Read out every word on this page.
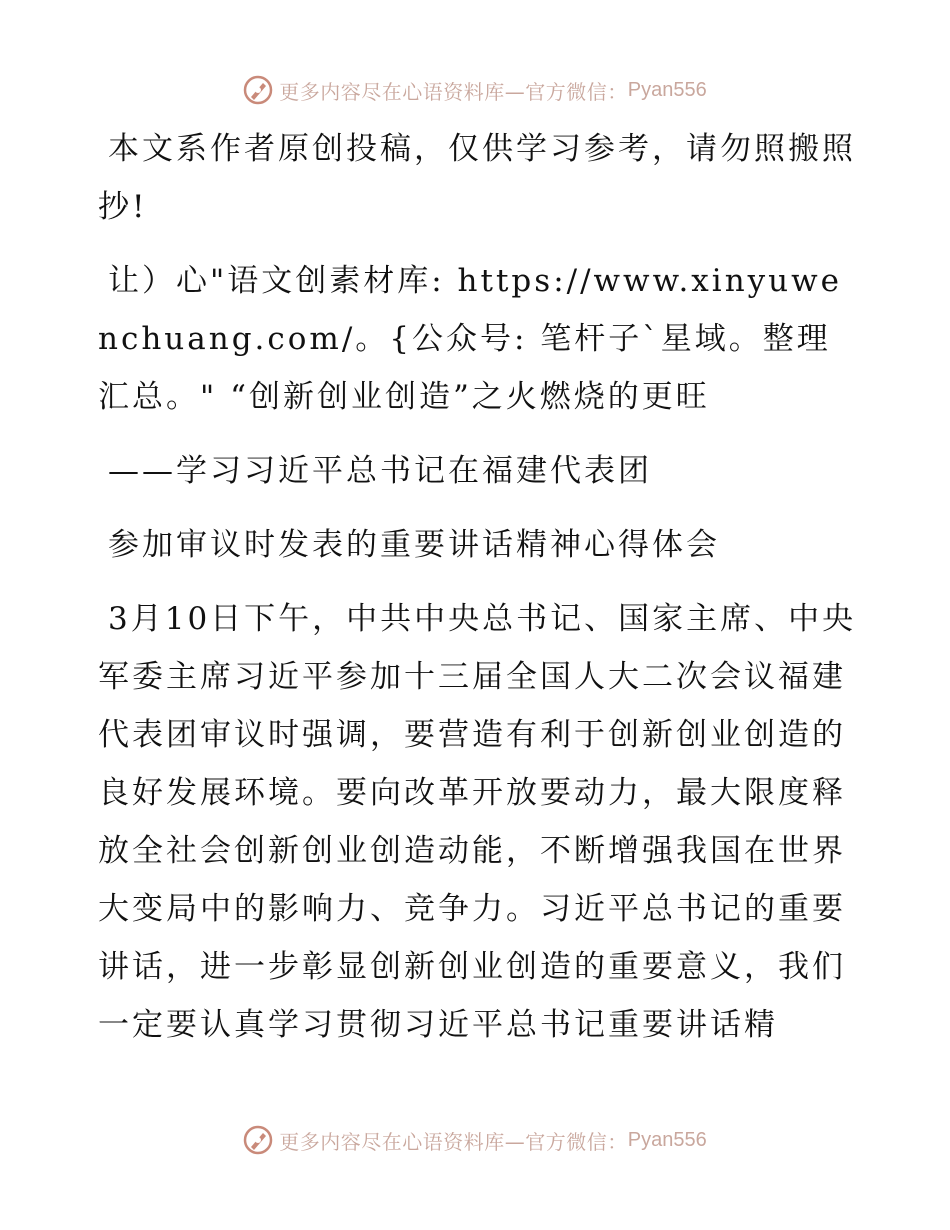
更多内容尽在心语资料库—官方微信： Pyan556

本文系作者原创投稿，仅供学习参考，请勿照搬照抄!

让）心"语文创素材库: https://www.xinyuwenchuang.com/。{公众号: 笔杆子`星域。整理汇总。" “创新创业创造”之火燃烧的更旺

——学习习近平总书记在福建代表团

参加审议时发表的重要讲话精神心得体会

3月10日下午，中共中央总书记、国家主席、中央军委主席习近平参加十三届全国人大二次会议福建代表团审议时强调，要营造有利于创新创业创造的良好发展环境。要向改革开放要动力，最大限度释放全社会创新创业创造动能，不断增强我国在世界大变局中的影响力、竞争力。习近平总书记的重要讲话，进一步彰显创新创业创造的重要意义，我们一定要认真学习贯彻习近平总书记重要讲话精

更多内容尽在心语资料库—官方微信： Pyan556
